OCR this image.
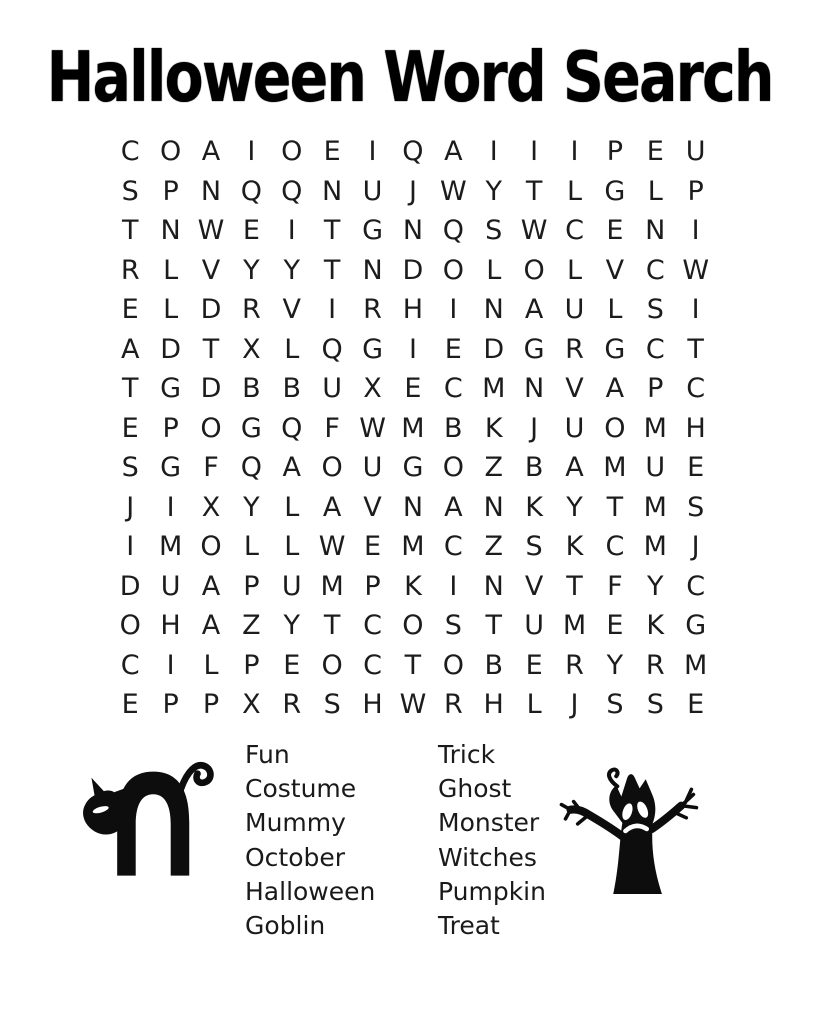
Halloween Word Search
C O A	I O E	I Q A	I	I	I	P E U
S P N Q Q N U J W Y T L G L P
T N W E	I	T G N Q S W C E N I
R L V Y Y T N D O L O L V C W
E L D R V	I	R H I N A U L S	I
A D T X L Q G I	E D G R G C T
T G D B B U X E C M N V A P C
E P O G Q F W M B K	J U O M H
S G F Q A O U G O Z B A M U E
J	I	X Y L A V N A N K Y T M S
I M O L L W E M C Z S K C M J
D U A P U M P K	I N V T F Y C
O H A Z Y T C O S T U M E K G
C I	L P E O C T O B E R Y R M
E P P X R S H W R H L	J	S S E
Fun
Costume
Mummy
October
Halloween
Goblin
Trick
Ghost
Monster
Witches
Pumpkin
Treat
